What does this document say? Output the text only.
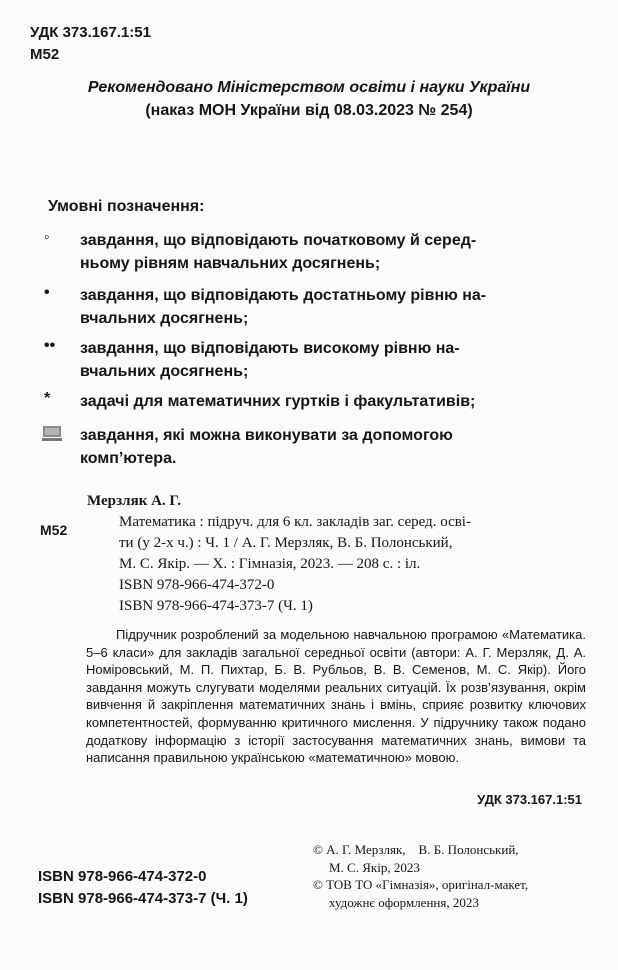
УДК 373.167.1:51
М52
Рекомендовано Міністерством освіти і науки України
(наказ МОН України від 08.03.2023 № 254)
Умовні позначення:
◦	завдання, що відповідають початковому й серед-
ньому рівням навчальних досягнень;
•	завдання, що відповідають достатньому рівню на-
вчальних досягнень;
••	завдання, що відповідають високому рівню на-
вчальних досягнень;
*	задачі для математичних гуртків і факультативів;
завдання, які можна виконувати за допомогою
комп’ютера.
М52
Мерзляк А. Г.
Математика : підруч. для 6 кл. закладів заг. серед. осві-
ти (у 2-х ч.) : Ч. 1 / А. Г. Мерзляк, В. Б. Полонський,
М. С. Якір. — Х. : Гімназія, 2023. — 208 с. : іл.
ISBN 978-966-474-372-0
ISBN 978-966-474-373-7 (Ч. 1)
Підручник розроблений за модельною навчальною програмою «Математика. 5–6 класи» для закладів загальної середньої освіти (автори: А. Г. Мерзляк, Д. А. Номіровський, М. П. Пихтар, Б. В. Рубльов, В. В. Семенов, М. С. Якір). Його завдання можуть слугувати моделями реальних ситуацій. Їх розв’язування, окрім вивчення й закріплення математичних знань і вмінь, сприяє розвитку ключових компетентностей, формуванню критичного мислення. У підручнику також подано додаткову інформацію з історії застосування математичних знань, вимови та написання правильною українською «математичною» мовою.
УДК 373.167.1:51
ISBN 978-966-474-372-0
ISBN 978-966-474-373-7 (Ч. 1)
© А. Г. Мерзляк,    В. Б. Полонський,
М. С. Якір, 2023
© ТОВ ТО «Гімназія», оригінал-макет,
художнє оформлення, 2023
